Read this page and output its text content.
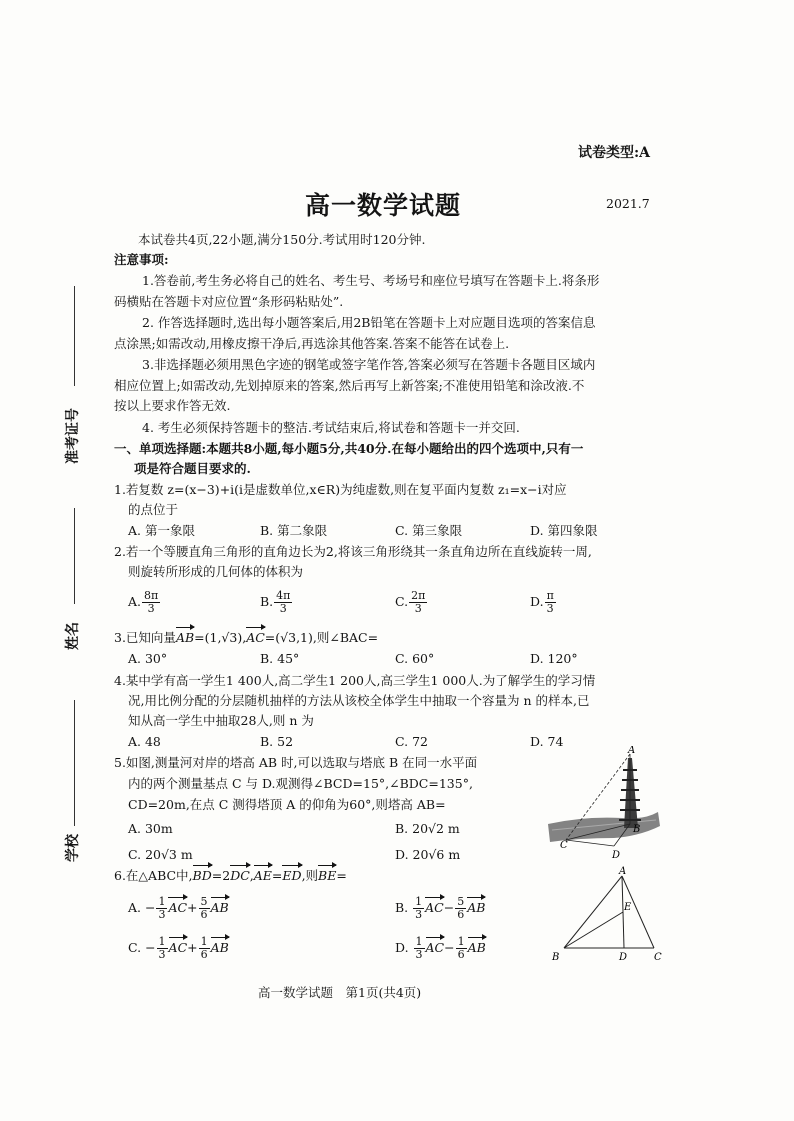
试卷类型:A
高一数学试题	2021.7
准考证号
姓名
学校
本试卷共4页,22小题,满分150分.考试用时120分钟.
注意事项:
1.答卷前,考生务必将自己的姓名、考生号、考场号和座位号填写在答题卡上.将条形
码横贴在答题卡对应位置“条形码粘贴处”.
2. 作答选择题时,选出每小题答案后,用2B铅笔在答题卡上对应题目选项的答案信息
点涂黑;如需改动,用橡皮擦干净后,再选涂其他答案.答案不能答在试卷上.
3.非选择题必须用黑色字迹的钢笔或签字笔作答,答案必须写在答题卡各题目区域内
相应位置上;如需改动,先划掉原来的答案,然后再写上新答案;不准使用铅笔和涂改液.不
按以上要求作答无效.
4. 考生必须保持答题卡的整洁.考试结束后,将试卷和答题卡一并交回.
一、单项选择题:本题共8小题,每小题5分,共40分.在每小题给出的四个选项中,只有一
项是符合题目要求的.
1.若复数 z=(x−3)+i(i是虚数单位,x∈R)为纯虚数,则在复平面内复数 z₁=x−i对应
的点位于
A. 第一象限	B. 第二象限	C. 第三象限	D. 第四象限
2.若一个等腰直角三角形的直角边长为2,将该三角形绕其一条直角边所在直线旋转一周,
则旋转所形成的几何体的体积为
A. $\frac{8\pi}{3}$	B. $\frac{4\pi}{3}$	C. $\frac{2\pi}{3}$	D. $\frac{\pi}{3}$
3.已知向量AB=(1,√3),AC=(√3,1),则∠BAC=
A. 30°	B. 45°	C. 60°	D. 120°
4.某中学有高一学生1 400人,高二学生1 200人,高三学生1 000人.为了解学生的学习情
况,用比例分配的分层随机抽样的方法从该校全体学生中抽取一个容量为 n 的样本,已
知从高一学生中抽取28人,则 n 为
A. 48	B. 52	C. 72	D. 74
5.如图,测量河对岸的塔高 AB 时,可以选取与塔底 B 在同一水平面
内的两个测量基点 C 与 D.观测得∠BCD=15°,∠BDC=135°,
CD=20m,在点 C 测得塔顶 A 的仰角为60°,则塔高 AB=
A. 30m	B. 20√2 m
C. 20√3 m	D. 20√6 m
A
B
C
D
6.在△ABC中,BD=2DC,AE=ED,则BE=
A. − $\frac{1}{3} AC+ \frac{5}{6}$ AB	B. $\frac{1}{3} AC- \frac{5}{6}$ AB
C. − $\frac{1}{3} AC+ \frac{1}{6}$ AB	D. $\frac{1}{3} AC- \frac{1}{6}$ AB
A
B	C
D
E
高一数学试题　第1页(共4页)
